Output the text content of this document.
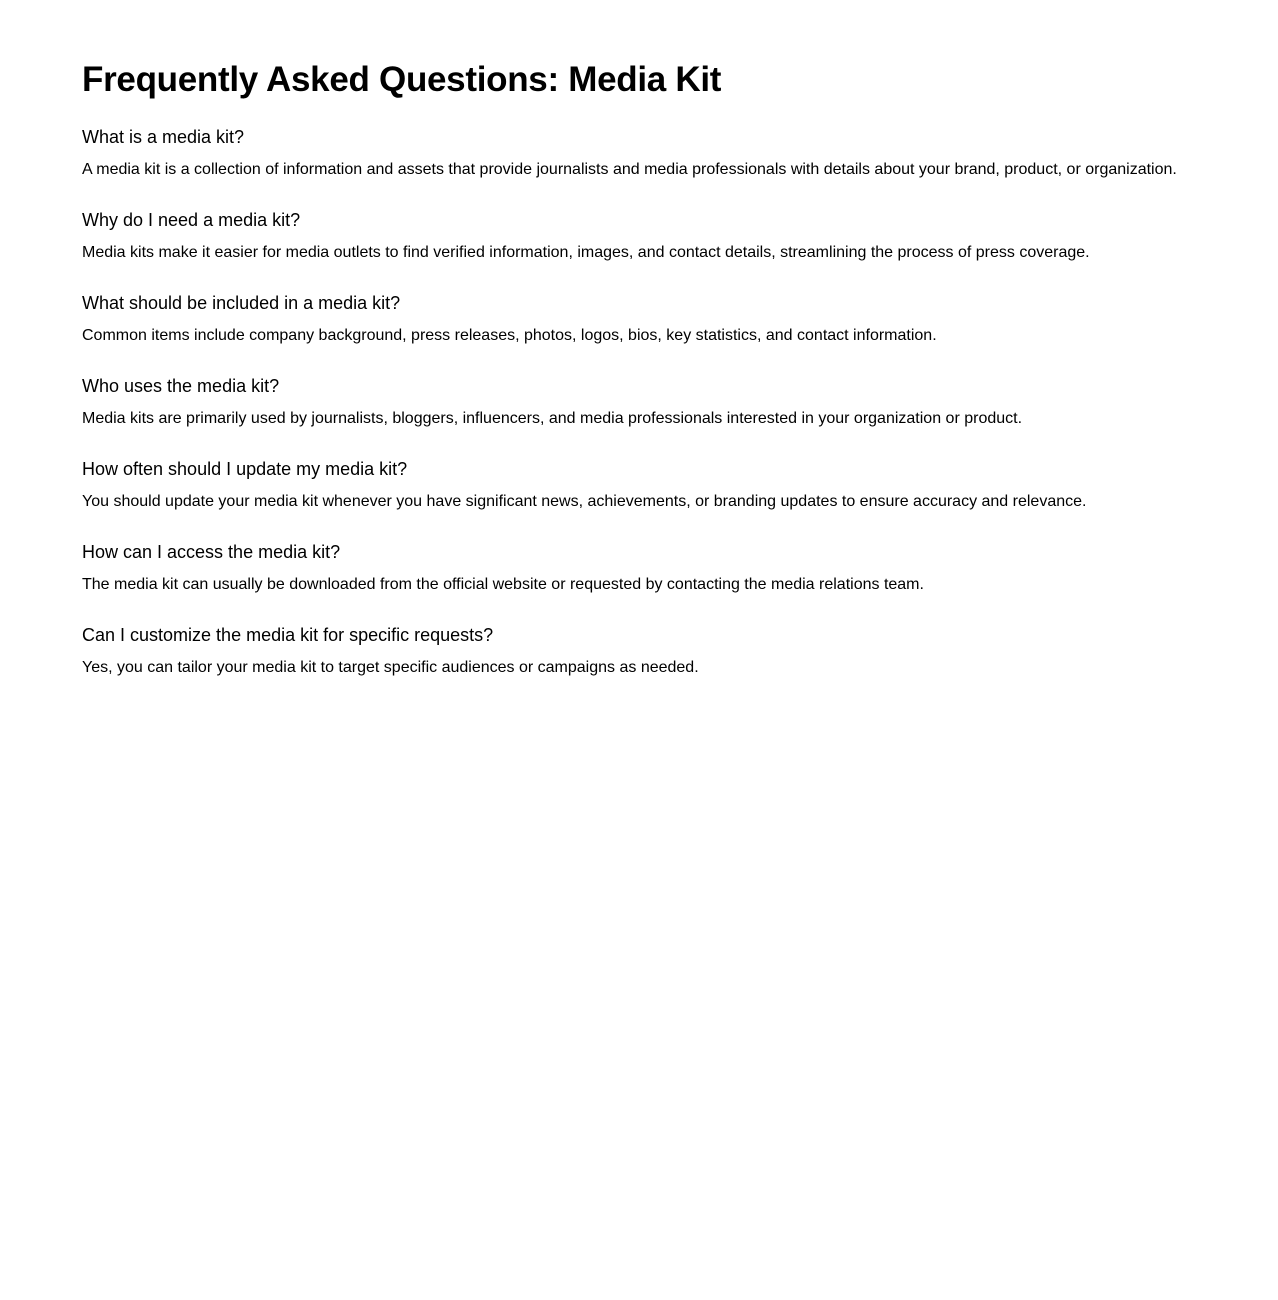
Frequently Asked Questions: Media Kit
What is a media kit?

A media kit is a collection of information and assets that provide journalists and media professionals with details about your brand, product, or organization.

Why do I need a media kit?

Media kits make it easier for media outlets to find verified information, images, and contact details, streamlining the process of press coverage.

What should be included in a media kit?

Common items include company background, press releases, photos, logos, bios, key statistics, and contact information.

Who uses the media kit?

Media kits are primarily used by journalists, bloggers, influencers, and media professionals interested in your organization or product.

How often should I update my media kit?

You should update your media kit whenever you have significant news, achievements, or branding updates to ensure accuracy and relevance.

How can I access the media kit?

The media kit can usually be downloaded from the official website or requested by contacting the media relations team.

Can I customize the media kit for specific requests?

Yes, you can tailor your media kit to target specific audiences or campaigns as needed.
